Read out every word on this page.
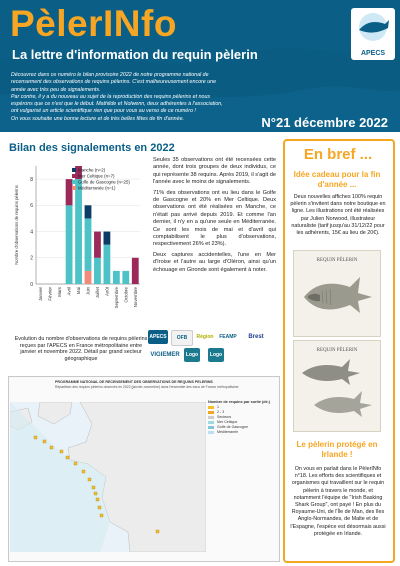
PèlerINfo
La lettre d'information du requin pèlerin	APECS

Découvrez dans ce numéro le bilan provisoire 2022 de notre programme national de

recensement des observations de requins pèlerins. C'est malheureusement encore une

année avec très peu de signalements.

Par contre, il y a du nouveau au sujet de la reproduction des requins pèlerins et nous

espérons que ce n'est que le début. Mathilde et Nolwenn, deux adhérentes à l'association,

ont vulgarisé un article scientifique rien que pour vous au verso de ce numéro !

On vous souhaite une bonne lecture et de très belles fêtes de fin d'année.	N°21 décembre 2022
Bilan des signalements en 2022
0
2
4
6
8
Nombre d'observations de requins pèlerins
Janvier Février Mars Avril Mai Juin Juillet Août Septembre Octobre Novembre
Manche (n=2)
Mer Celtique (n=7)
Golfe de Gascogne (n=25)
Méditerranée (n=1)
Evolution du nombre d'observations de requins pèlerins reçues par l'APECS en France métropolitaine entre janvier et novembre 2022. Détail par grand secteur géographique

Seules 35 observations ont été recensées cette année, dont trois groupes de deux individus, ce qui représente 38 requins. Après 2019, il s'agit de l'année avec le moins de signalements.

71% des observations ont eu lieu dans le Golfe de Gascogne et 20% en Mer Celtique. Deux observations ont été réalisées en Manche, ce n'était pas arrivé depuis 2019. Et comme l'an dernier, il n'y en a qu'une seule en Méditerranée. Ce sont les mois de mai et d'avril qui comptabilisent le plus d'observations, respectivement 26% et 23%).

Deux captures accidentelles, l'une en Mer d'Iroise et l'autre au large d'Oléron, ainsi qu'un échouage en Gironde sont également à noter.

APECS	OFB	Région	FEAMP	Brest
VIGIEMER	Logo	Logo
PROGRAMME NATIONAL DE RECENSEMENT DES OBSERVATIONS DE REQUINS PELERINS
Répartition des requins pèlerins observés en 2022 (janvier-novembre) dans l'ensemble des eaux de France métropolitaine
Nombre de requins par sortie (dé.)
1
2 - 3
Secteurs
Mer Celtique
Golfe de Gascogne
Méditerranée
En bref ...
Idée cadeau pour la fin d'année ...
Deux nouvelles affiches 100% requin pèlerin s'invitent dans notre boutique en ligne. Les illustrations ont été réalisées par Julien Norwood, illustrateur naturaliste (tarif jusqu'au 31/12/22 pour les adhérents, 15€ au lieu de 20€).
REQUIN PÈLERIN
REQUIN PÈLERIN
Le pèlerin protégé en Irlande !
On vous en parlait dans le PèlerINfo n°18. Les efforts des scientifiques et organismes qui travaillent sur le requin pèlerin à travers le monde, et notamment l'équipe de "Irish Basking Shark Group", ont payé ! En plus du Royaume-Uni, de l'Île de Man, des îles Anglo-Normandes, de Malte et de l'Espagne, l'espèce est désormais aussi protégée en Irlande.
